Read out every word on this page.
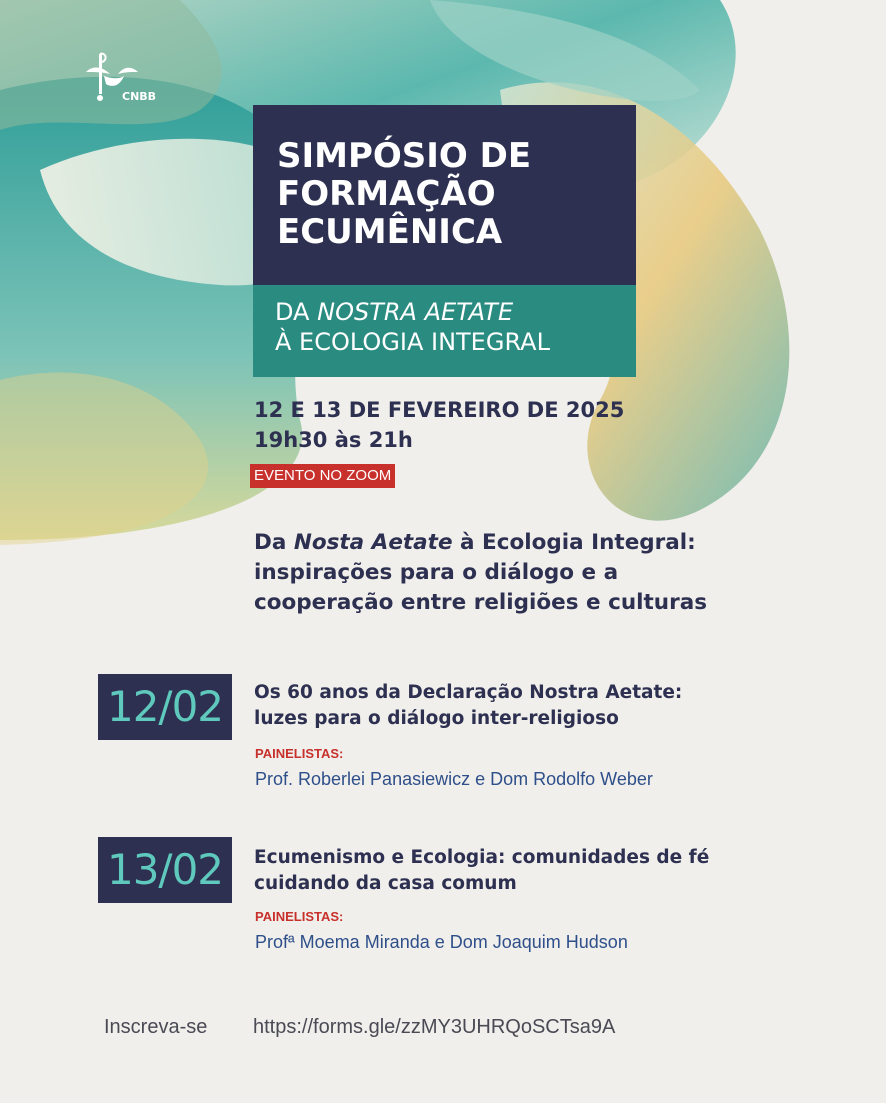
CNBB
SIMPÓSIO DE
FORMAÇÃO
ECUMÊNICA
DA NOSTRA AETATE
À ECOLOGIA INTEGRAL
12 E 13 DE FEVEREIRO DE 2025
19h30 às 21h
EVENTO NO ZOOM
Da Nosta Aetate à Ecologia Integral:
inspirações para o diálogo e a
cooperação entre religiões e culturas
12/02	Os 60 anos da Declaração Nostra Aetate:
luzes para o diálogo inter-religioso
PAINELISTAS:
Prof. Roberlei Panasiewicz e Dom Rodolfo Weber
13/02	Ecumenismo e Ecologia: comunidades de fé
cuidando da casa comum
PAINELISTAS:
Profª Moema Miranda e Dom Joaquim Hudson
Inscreva-se https://forms.gle/zzMY3UHRQoSCTsa9A
